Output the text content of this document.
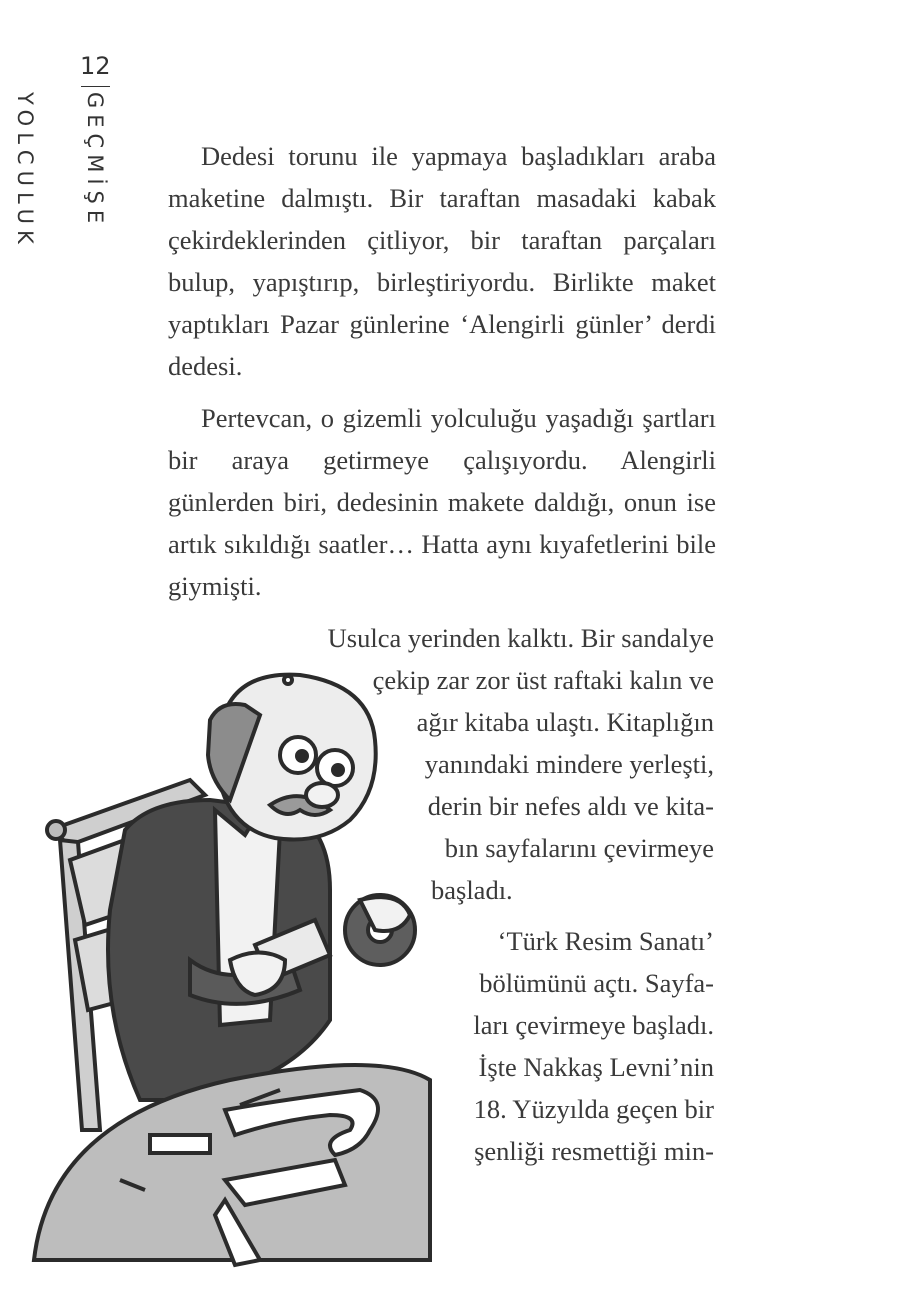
12
GEÇMİŞE YOLCULUK	Dedesi torunu ile yapmaya başladıkları araba maketine dalmıştı. Bir taraftan masadaki kabak çekirdeklerinden çitliyor, bir taraftan parçaları bulup, yapıştırıp, birleştiriyordu. Birlikte maket yaptıkları Pazar günlerine ‘Alengirli günler’ derdi dedesi.

Pertevcan, o gizemli yolculuğu yaşadığı şartları bir araya getirmeye çalışıyordu. Alengirli günlerden biri, dedesinin makete daldığı, onun ise artık sıkıldığı saatler… Hatta aynı kıyafetlerini bile giymişti.

Usulca yerinden kalktı. Bir sandalye
çekip zar zor üst raftaki kalın ve
ağır kitaba ulaştı. Kitaplığın
yanındaki mindere yerleşti,
derin bir nefes aldı ve kita-
bın sayfalarını çevirmeye
başladı.
‘Türk Resim Sanatı’
bölümünü açtı. Sayfa-
ları çevirmeye başladı.
İşte Nakkaş Levni’nin
18. Yüzyılda geçen bir
şenliği resmettiği min-
